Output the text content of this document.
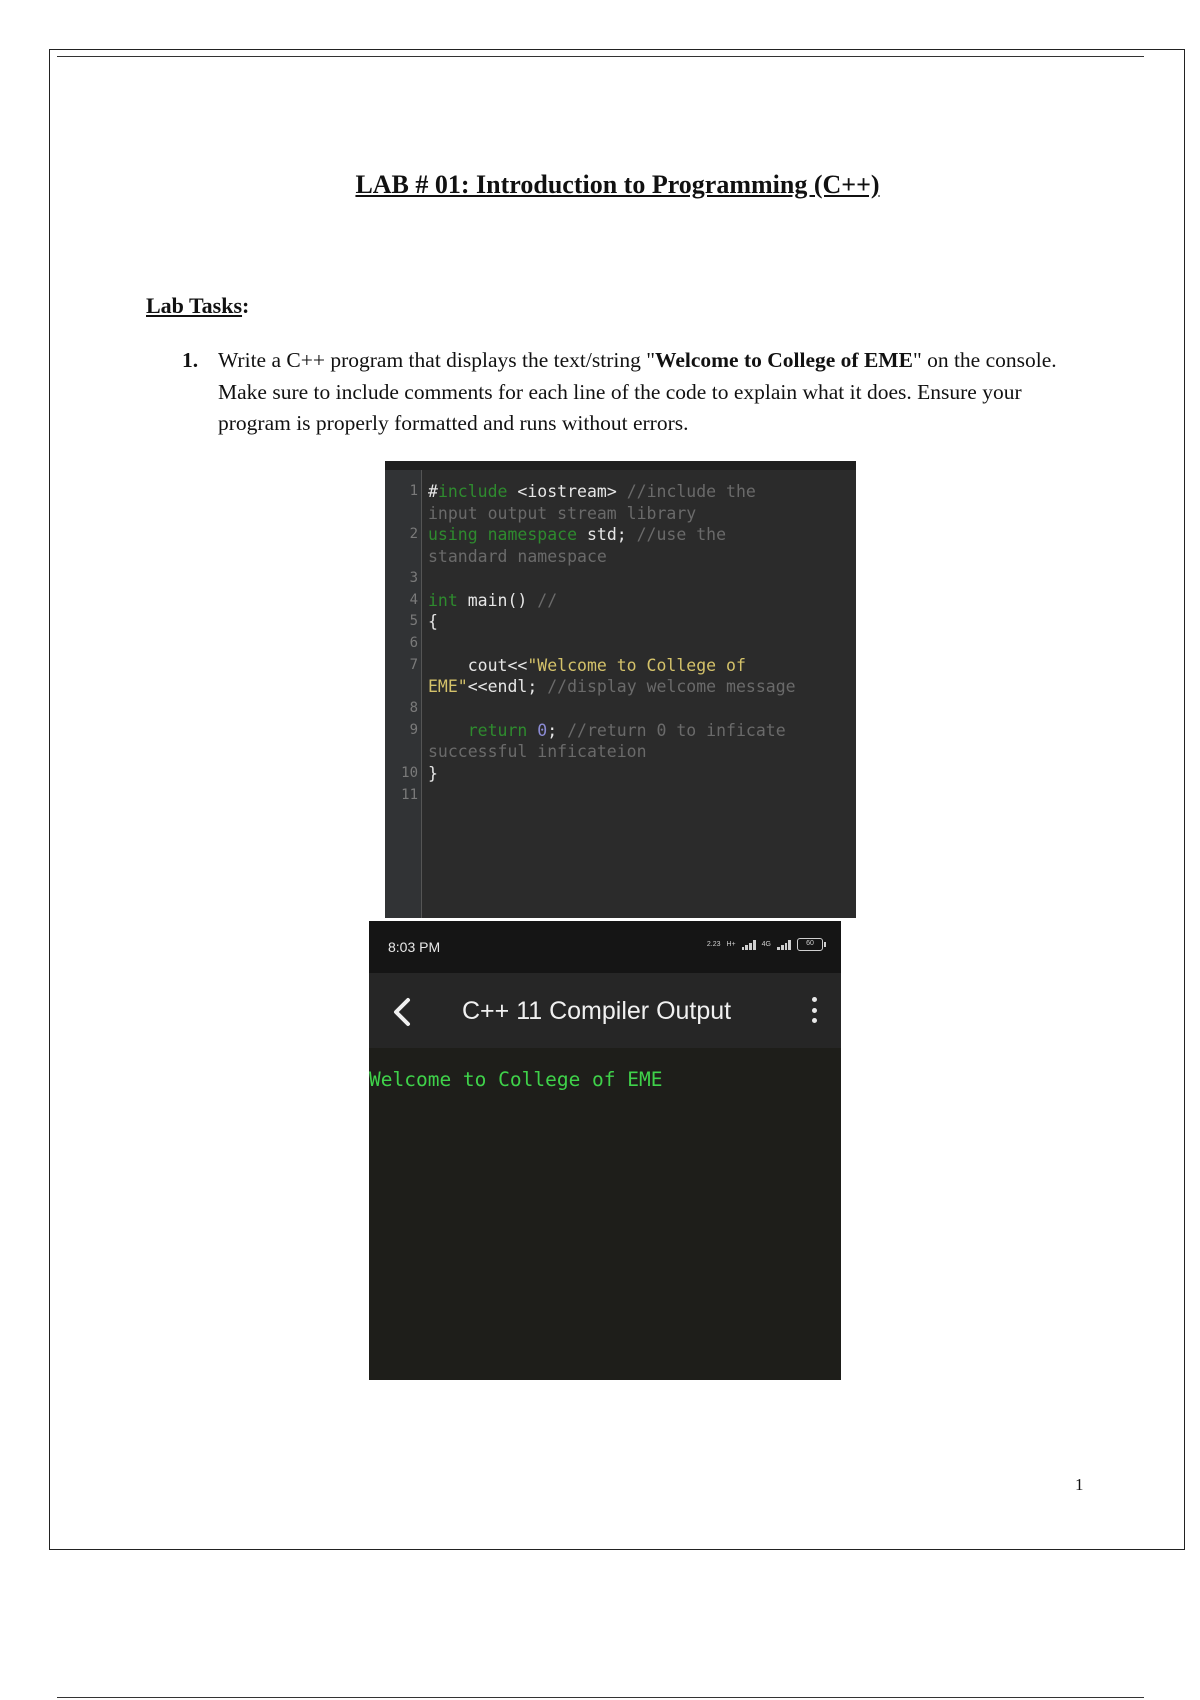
LAB # 01: Introduction to Programming (C++)
Lab Tasks:
1. Write a C++ program that displays the text/string "Welcome to College of EME" on the console. Make sure to include comments for each line of the code to explain what it does. Ensure your program is properly formatted and runs without errors.
1 #include <iostream> //include the
input output stream library
2 using namespace std; //use the
standard namespace
3
4 int main() //
5 {
6
7 cout<<"Welcome to College of
EME"<<endl; //display welcome message
8
9 return 0; //return 0 to inficate
successful inficateion
10 }
11
8:03 PM	2.23 H+	4G	60
C++ 11 Compiler Output
Welcome to College of EME
1
